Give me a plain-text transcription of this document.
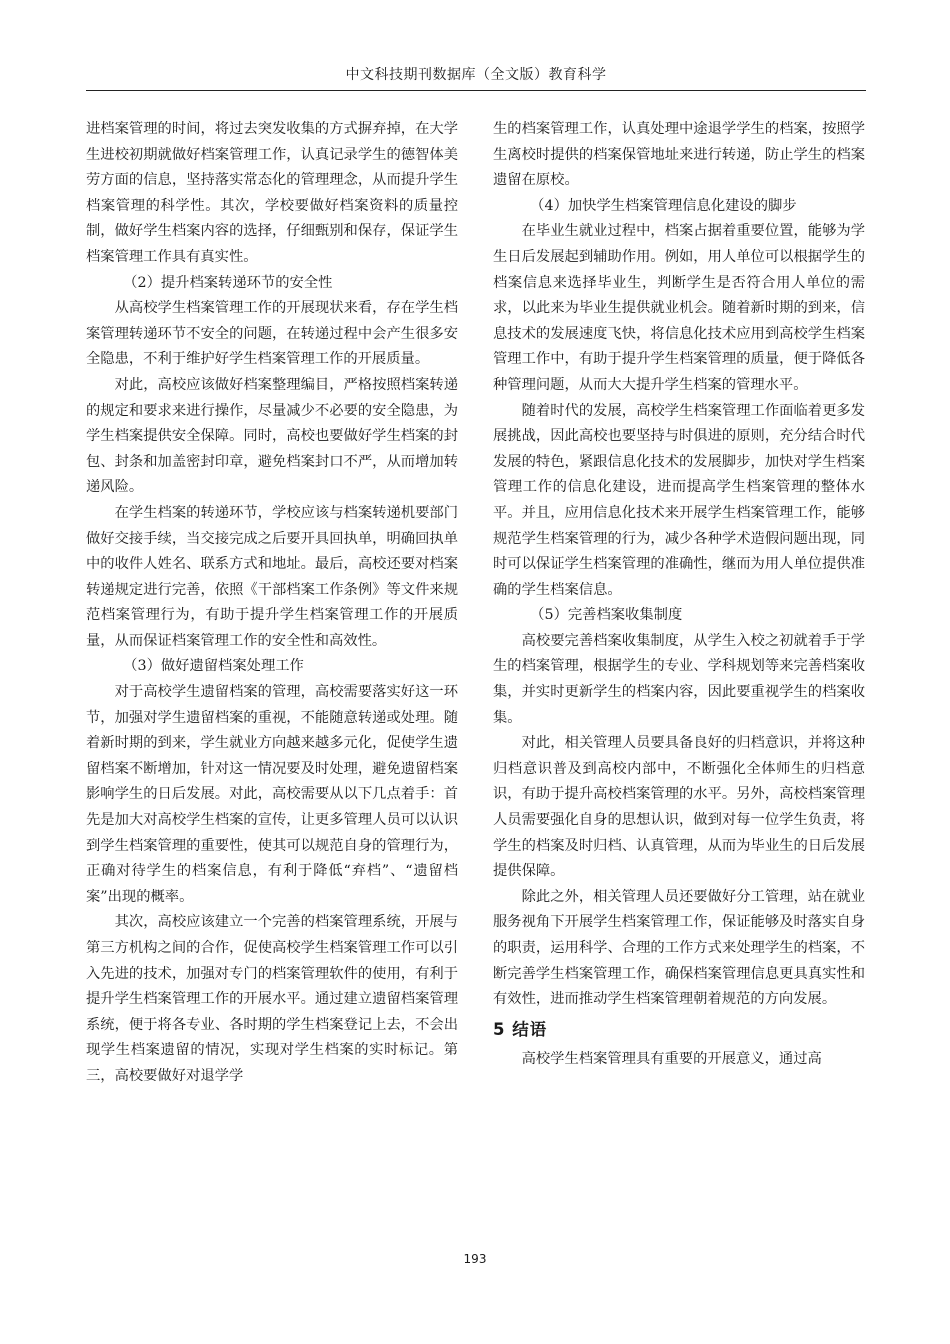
中文科技期刊数据库（全文版）教育科学

进档案管理的时间，将过去突发收集的方式摒弃掉，在大学生进校初期就做好档案管理工作，认真记录学生的德智体美劳方面的信息，坚持落实常态化的管理理念，从而提升学生档案管理的科学性。其次，学校要做好档案资料的质量控制，做好学生档案内容的选择，仔细甄别和保存，保证学生档案管理工作具有真实性。

（2）提升档案转递环节的安全性

从高校学生档案管理工作的开展现状来看，存在学生档案管理转递环节不安全的问题，在转递过程中会产生很多安全隐患，不利于维护好学生档案管理工作的开展质量。

对此，高校应该做好档案整理编目，严格按照档案转递的规定和要求来进行操作，尽量减少不必要的安全隐患，为学生档案提供安全保障。同时，高校也要做好学生档案的封包、封条和加盖密封印章，避免档案封口不严，从而增加转递风险。

在学生档案的转递环节，学校应该与档案转递机要部门做好交接手续，当交接完成之后要开具回执单，明确回执单中的收件人姓名、联系方式和地址。最后，高校还要对档案转递规定进行完善，依照《干部档案工作条例》等文件来规范档案管理行为，有助于提升学生档案管理工作的开展质量，从而保证档案管理工作的安全性和高效性。

（3）做好遗留档案处理工作

对于高校学生遗留档案的管理，高校需要落实好这一环节，加强对学生遗留档案的重视，不能随意转递或处理。随着新时期的到来，学生就业方向越来越多元化，促使学生遗留档案不断增加，针对这一情况要及时处理，避免遗留档案影响学生的日后发展。对此，高校需要从以下几点着手：首先是加大对高校学生档案的宣传，让更多管理人员可以认识到学生档案管理的重要性，使其可以规范自身的管理行为，正确对待学生的档案信息，有利于降低“弃档”、“遗留档案”出现的概率。

其次，高校应该建立一个完善的档案管理系统，开展与第三方机构之间的合作，促使高校学生档案管理工作可以引入先进的技术，加强对专门的档案管理软件的使用，有利于提升学生档案管理工作的开展水平。通过建立遗留档案管理系统，便于将各专业、各时期的学生档案登记上去，不会出现学生档案遗留的情况，实现对学生档案的实时标记。第三，高校要做好对退学学

生的档案管理工作，认真处理中途退学学生的档案，按照学生离校时提供的档案保管地址来进行转递，防止学生的档案遗留在原校。

（4）加快学生档案管理信息化建设的脚步

在毕业生就业过程中，档案占据着重要位置，能够为学生日后发展起到辅助作用。例如，用人单位可以根据学生的档案信息来选择毕业生，判断学生是否符合用人单位的需求，以此来为毕业生提供就业机会。随着新时期的到来，信息技术的发展速度飞快，将信息化技术应用到高校学生档案管理工作中，有助于提升学生档案管理的质量，便于降低各种管理问题，从而大大提升学生档案的管理水平。

随着时代的发展，高校学生档案管理工作面临着更多发展挑战，因此高校也要坚持与时俱进的原则，充分结合时代发展的特色，紧跟信息化技术的发展脚步，加快对学生档案管理工作的信息化建设，进而提高学生档案管理的整体水平。并且，应用信息化技术来开展学生档案管理工作，能够规范学生档案管理的行为，减少各种学术造假问题出现，同时可以保证学生档案管理的准确性，继而为用人单位提供准确的学生档案信息。

（5）完善档案收集制度

高校要完善档案收集制度，从学生入校之初就着手于学生的档案管理，根据学生的专业、学科规划等来完善档案收集，并实时更新学生的档案内容，因此要重视学生的档案收集。

对此，相关管理人员要具备良好的归档意识，并将这种归档意识普及到高校内部中，不断强化全体师生的归档意识，有助于提升高校档案管理的水平。另外，高校档案管理人员需要强化自身的思想认识，做到对每一位学生负责，将学生的档案及时归档、认真管理，从而为毕业生的日后发展提供保障。

除此之外，相关管理人员还要做好分工管理，站在就业服务视角下开展学生档案管理工作，保证能够及时落实自身的职责，运用科学、合理的工作方式来处理学生的档案，不断完善学生档案管理工作，确保档案管理信息更具真实性和有效性，进而推动学生档案管理朝着规范的方向发展。

5 结语

高校学生档案管理具有重要的开展意义，通过高

193
